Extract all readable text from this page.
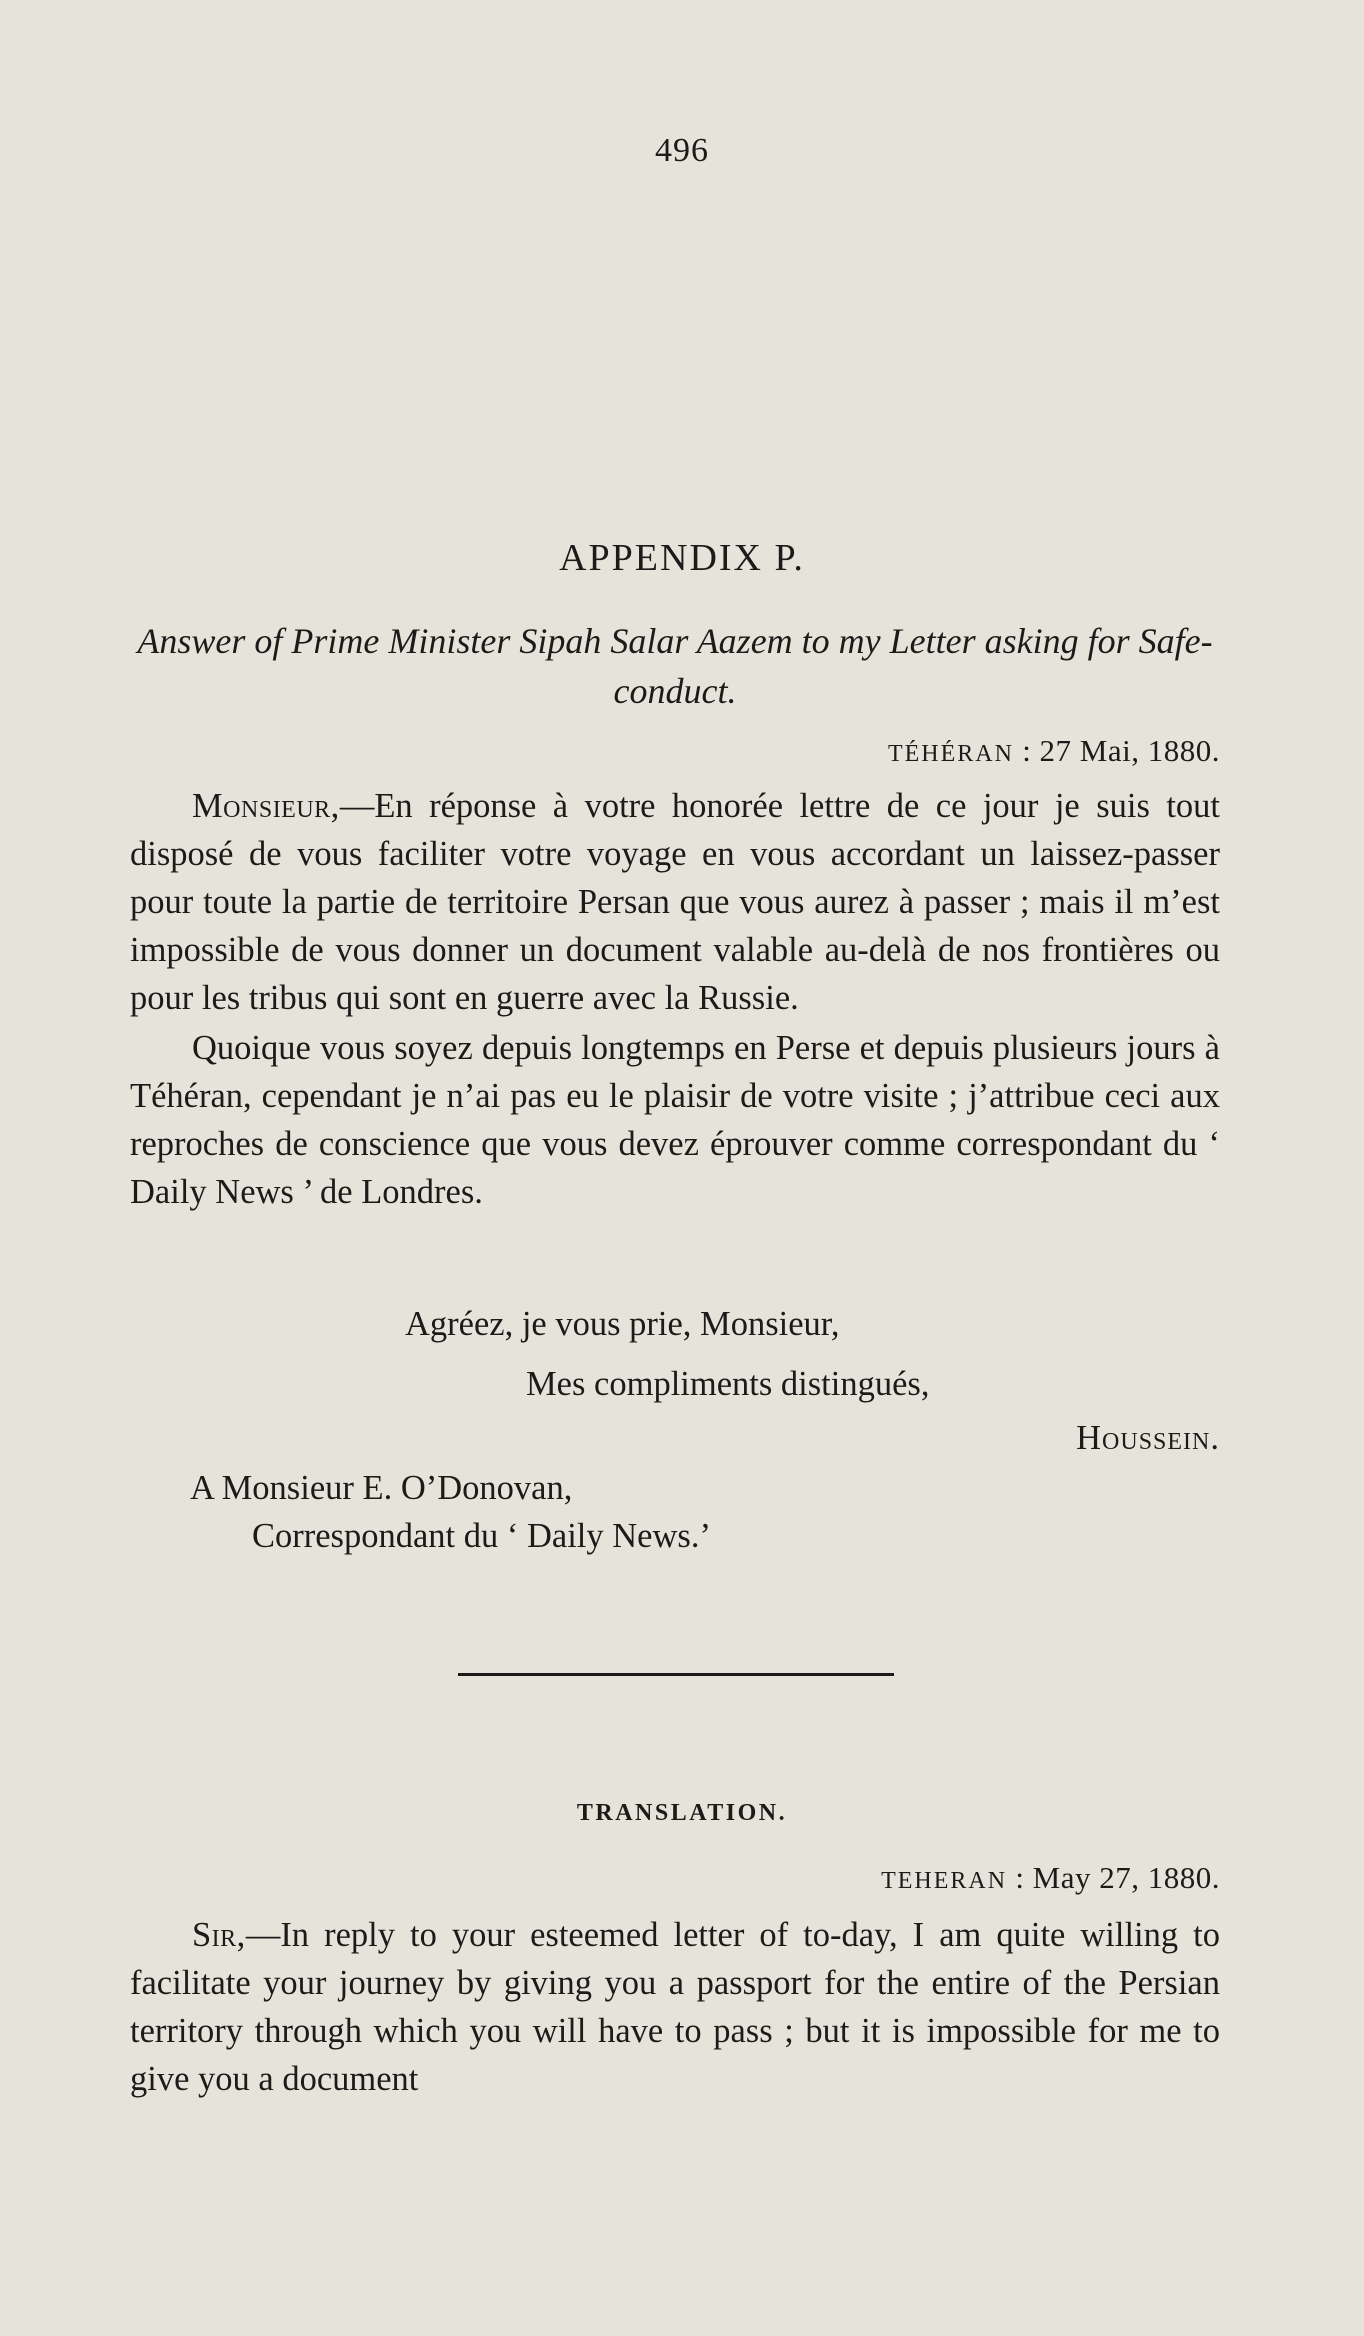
496
APPENDIX P.
Answer of Prime Minister Sipah Salar Aazem to my Letter asking for Safe-conduct.
TÉHÉRAN : 27 Mai, 1880.

Monsieur,—En réponse à votre honorée lettre de ce jour je suis tout disposé de vous faciliter votre voyage en vous accordant un laissez-passer pour toute la partie de territoire Persan que vous aurez à passer ; mais il m’est impossible de vous donner un document valable au-delà de nos frontières ou pour les tribus qui sont en guerre avec la Russie.

Quoique vous soyez depuis longtemps en Perse et depuis plusieurs jours à Téhéran, cependant je n’ai pas eu le plaisir de votre visite ; j’attribue ceci aux reproches de conscience que vous devez éprouver comme correspondant du ‘ Daily News ’ de Londres.

Agréez, je vous prie, Monsieur,
Mes compliments distingués,
Houssein.
A Monsieur E. O’Donovan,
Correspondant du ‘ Daily News.’
TRANSLATION.
TEHERAN : May 27, 1880.

Sir,—In reply to your esteemed letter of to-day, I am quite willing to facilitate your journey by giving you a passport for the entire of the Persian territory through which you will have to pass ; but it is impossible for me to give you a document
